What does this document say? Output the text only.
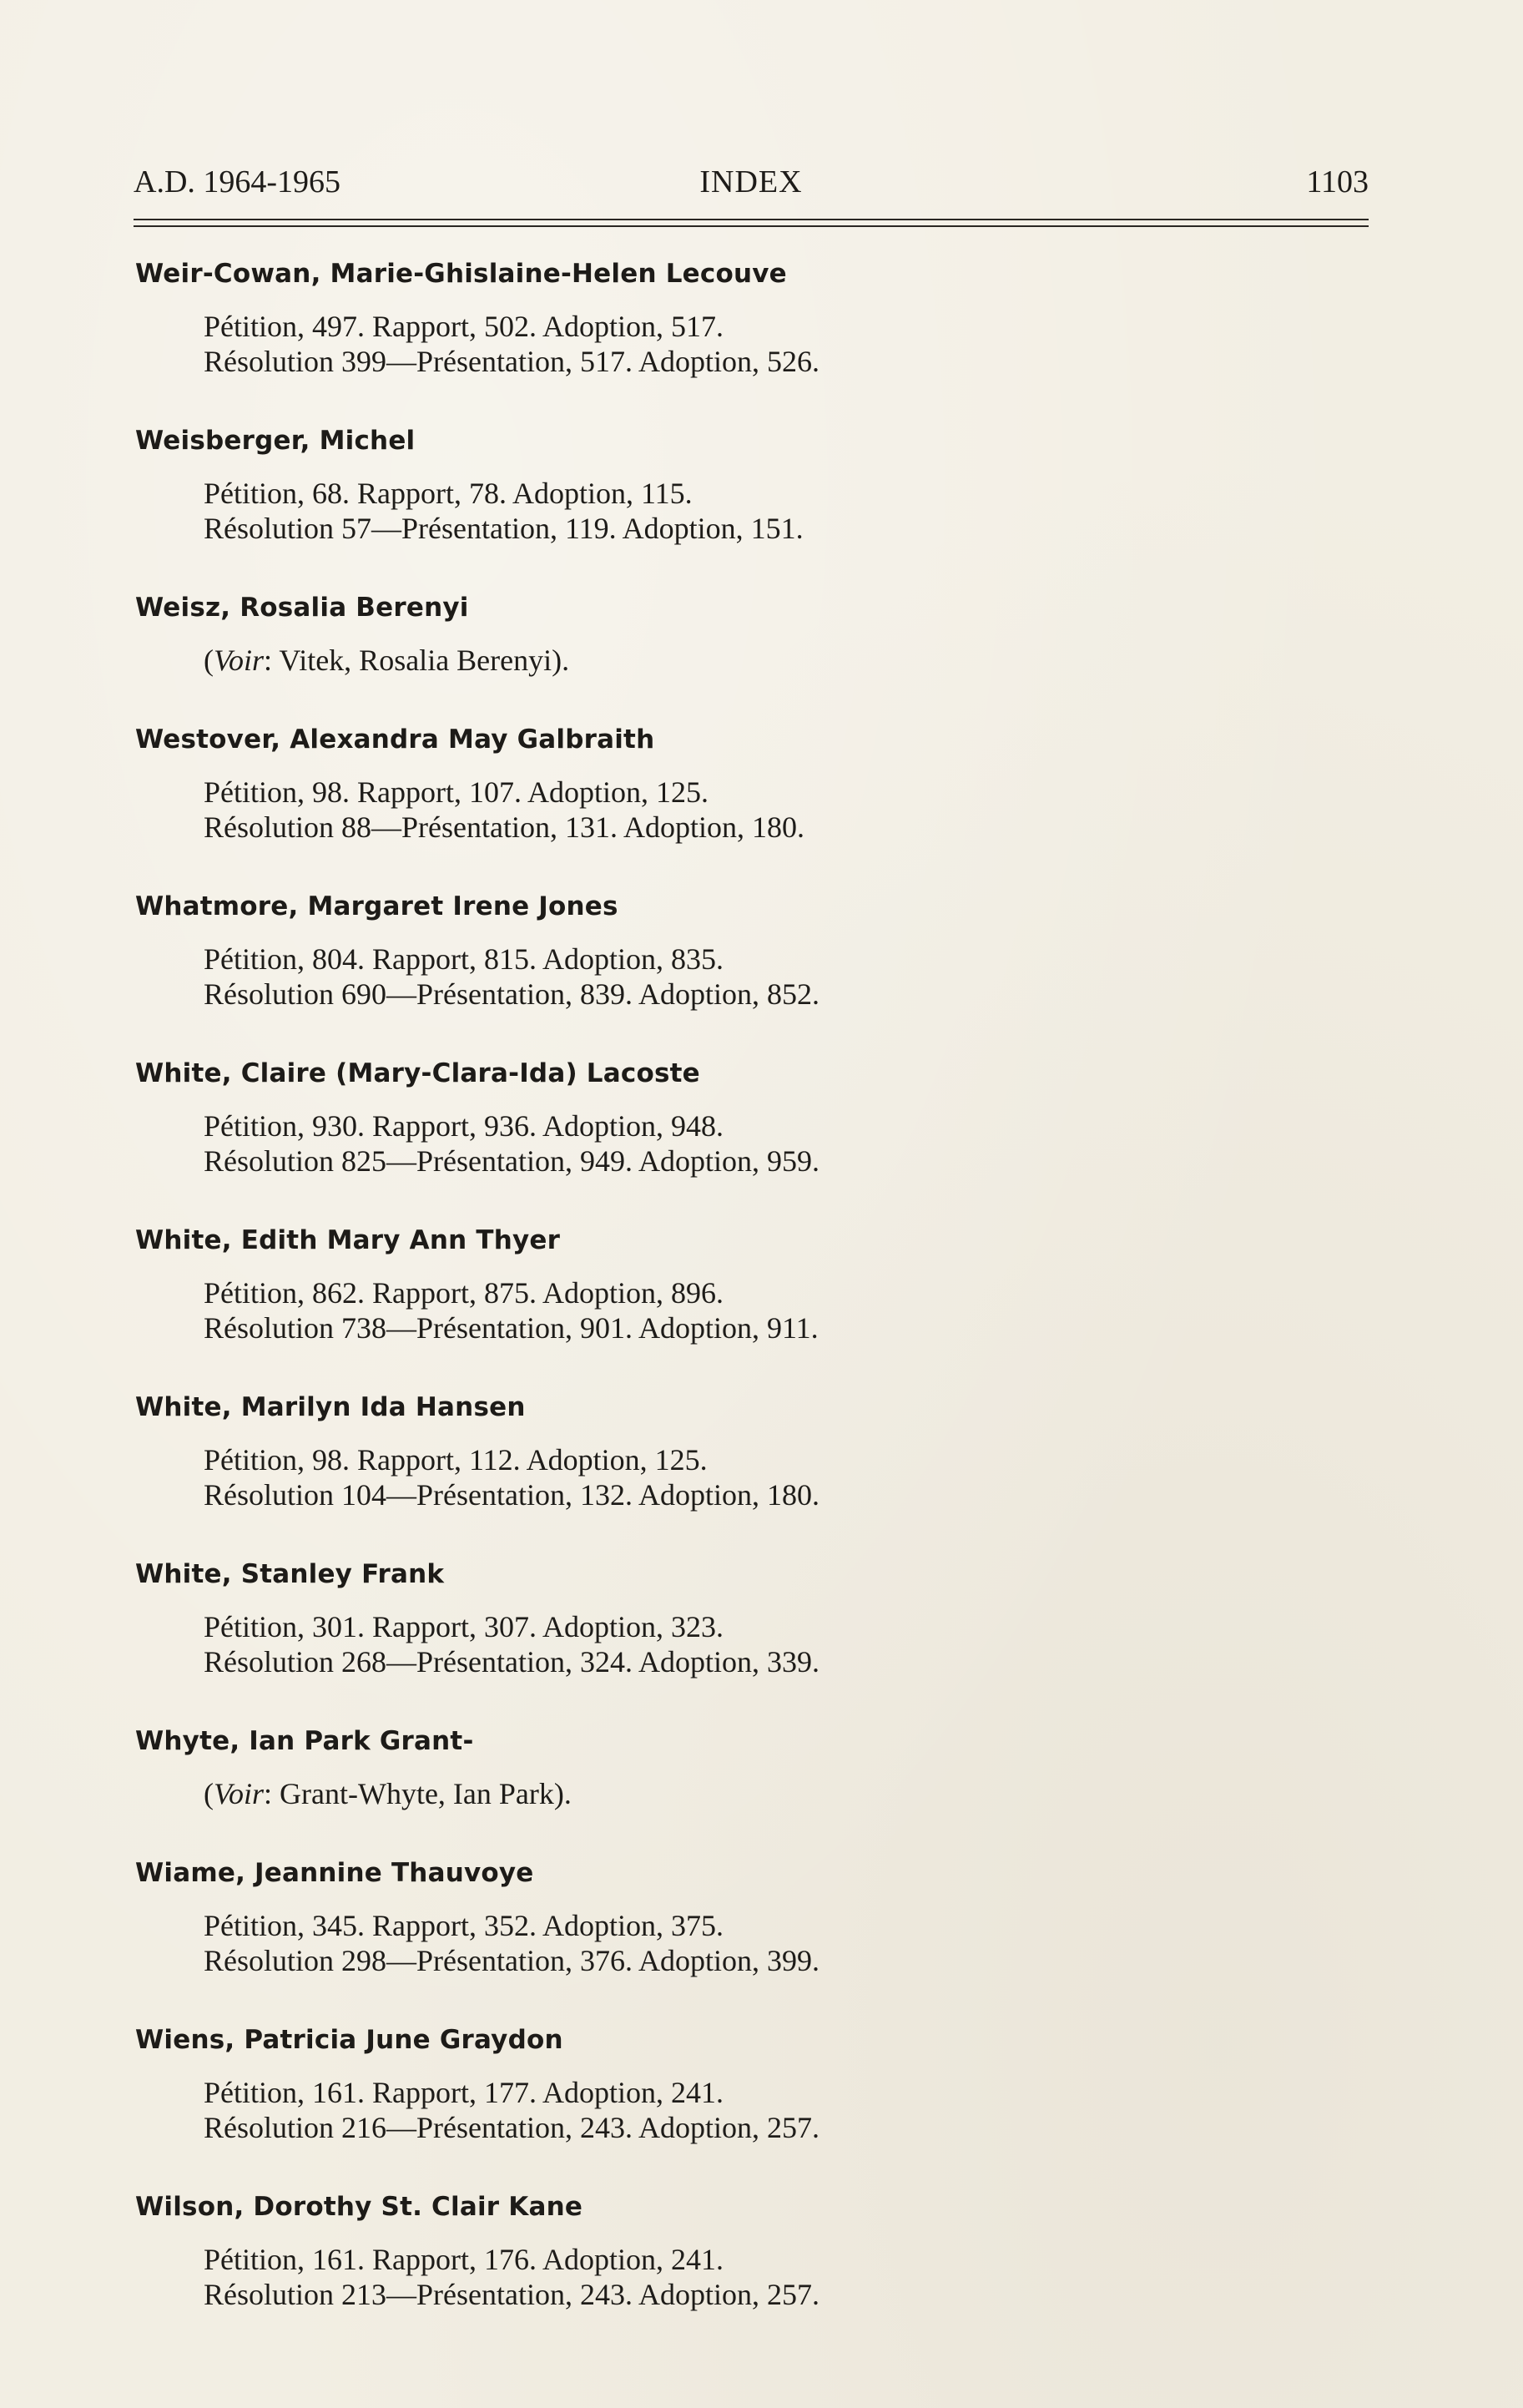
A.D. 1964-1965	INDEX	1103
Weir-Cowan, Marie-Ghislaine-Helen Lecouve
Pétition, 497. Rapport, 502. Adoption, 517.
Résolution 399—Présentation, 517. Adoption, 526.
Weisberger, Michel
Pétition, 68. Rapport, 78. Adoption, 115.
Résolution 57—Présentation, 119. Adoption, 151.
Weisz, Rosalia Berenyi
(Voir: Vitek, Rosalia Berenyi).
Westover, Alexandra May Galbraith
Pétition, 98. Rapport, 107. Adoption, 125.
Résolution 88—Présentation, 131. Adoption, 180.
Whatmore, Margaret Irene Jones
Pétition, 804. Rapport, 815. Adoption, 835.
Résolution 690—Présentation, 839. Adoption, 852.
White, Claire (Mary-Clara-Ida) Lacoste
Pétition, 930. Rapport, 936. Adoption, 948.
Résolution 825—Présentation, 949. Adoption, 959.
White, Edith Mary Ann Thyer
Pétition, 862. Rapport, 875. Adoption, 896.
Résolution 738—Présentation, 901. Adoption, 911.
White, Marilyn Ida Hansen
Pétition, 98. Rapport, 112. Adoption, 125.
Résolution 104—Présentation, 132. Adoption, 180.
White, Stanley Frank
Pétition, 301. Rapport, 307. Adoption, 323.
Résolution 268—Présentation, 324. Adoption, 339.
Whyte, Ian Park Grant-
(Voir: Grant-Whyte, Ian Park).
Wiame, Jeannine Thauvoye
Pétition, 345. Rapport, 352. Adoption, 375.
Résolution 298—Présentation, 376. Adoption, 399.
Wiens, Patricia June Graydon
Pétition, 161. Rapport, 177. Adoption, 241.
Résolution 216—Présentation, 243. Adoption, 257.
Wilson, Dorothy St. Clair Kane
Pétition, 161. Rapport, 176. Adoption, 241.
Résolution 213—Présentation, 243. Adoption, 257.
